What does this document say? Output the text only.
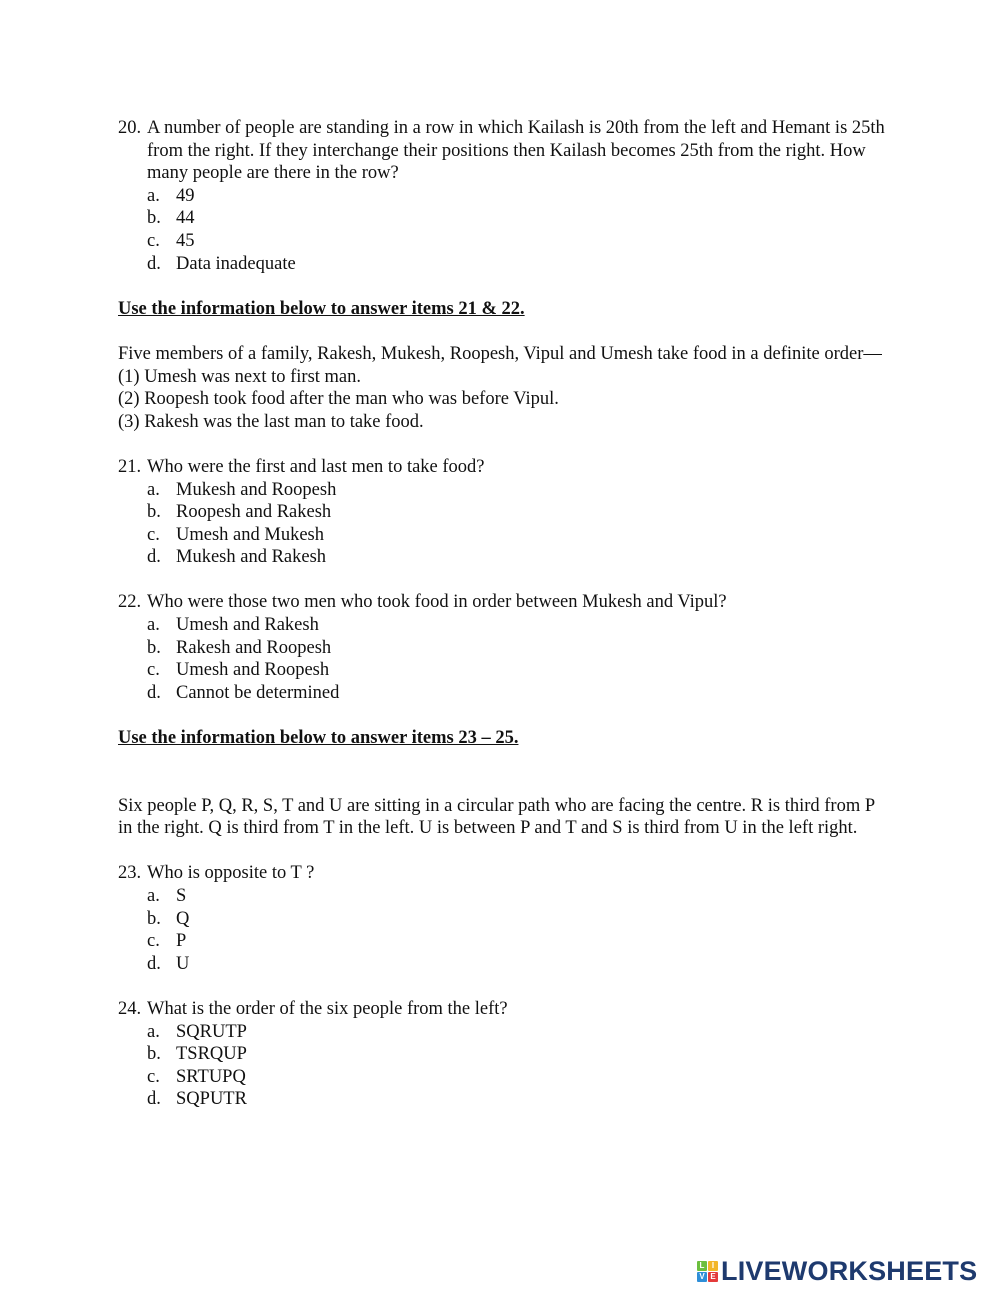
20. A number of people are standing in a row in which Kailash is 20th from the left and Hemant is 25th from the right. If they interchange their positions then Kailash becomes 25th from the right. How many people are there in the row?
a. 49
b. 44
c. 45
d. Data inadequate

Use the information below to answer items 21 & 22.

Five members of a family, Rakesh, Mukesh, Roopesh, Vipul and Umesh take food in a definite order—

(1) Umesh was next to first man.

(2) Roopesh took food after the man who was before Vipul.

(3) Rakesh was the last man to take food.

21. Who were the first and last men to take food?
a. Mukesh and Roopesh
b. Roopesh and Rakesh
c. Umesh and Mukesh
d. Mukesh and Rakesh
22. Who were those two men who took food in order between Mukesh and Vipul?
a. Umesh and Rakesh
b. Rakesh and Roopesh
c. Umesh and Roopesh
d. Cannot be determined

Use the information below to answer items 23 – 25.

Six people P, Q, R, S, T and U are sitting in a circular path who are facing the centre. R is third from P in the right. Q is third from T in the left. U is between P and T and S is third from U in the left right.

23. Who is opposite to T ?
a. S
b. Q
c. P
d. U
24. What is the order of the six people from the left?
a. SQRUTP
b. TSRQUP
c. SRTUPQ
d. SQPUTR
L I
V E LIVEWORKSHEETS
